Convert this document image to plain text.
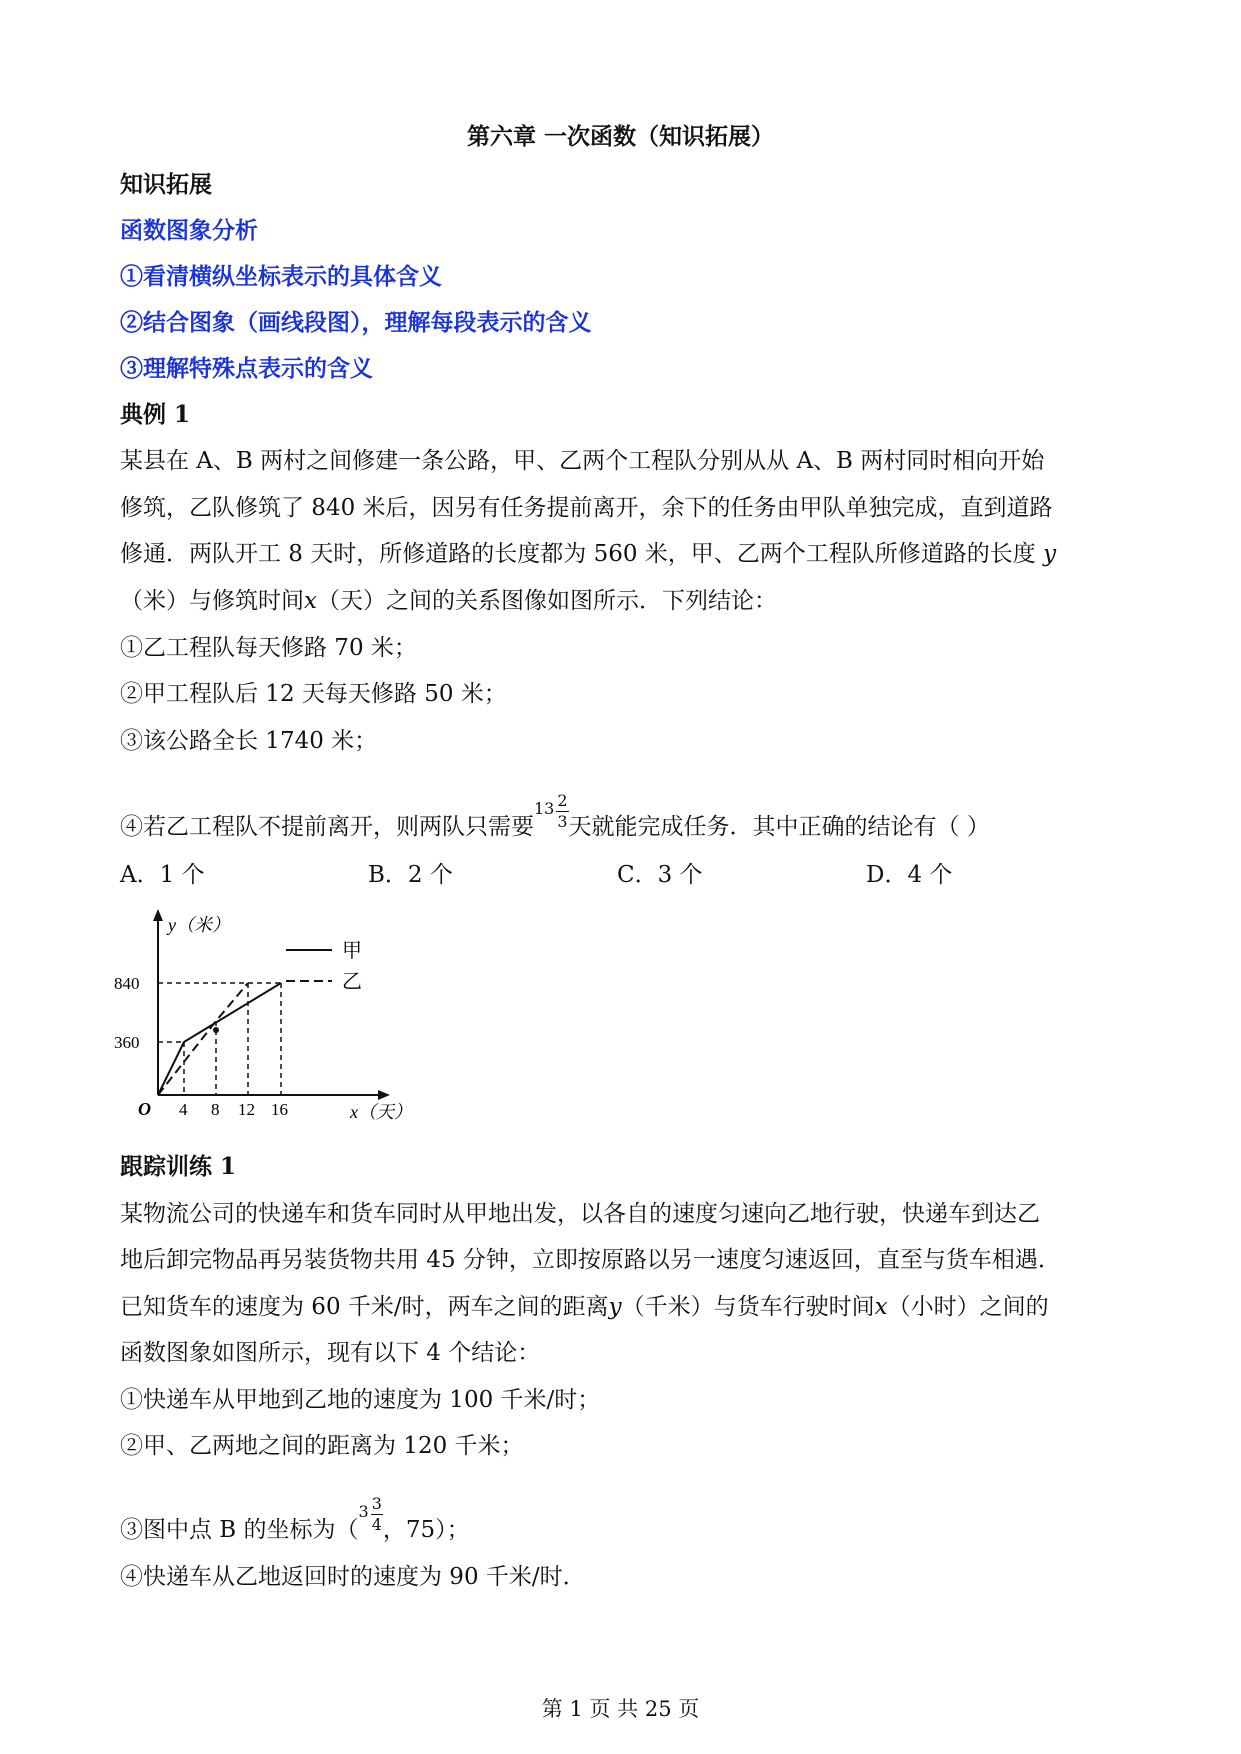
第六章 一次函数（知识拓展）
知识拓展
函数图象分析
①看清横纵坐标表示的具体含义
②结合图象（画线段图），理解每段表示的含义
③理解特殊点表示的含义
典例 1
某县在 A、B 两村之间修建一条公路，甲、乙两个工程队分别从从 A、B 两村同时相向开始
修筑，乙队修筑了 840 米后，因另有任务提前离开，余下的任务由甲队单独完成，直到道路
修通．两队开工 8 天时，所修道路的长度都为 560 米，甲、乙两个工程队所修道路的长度 y
（米）与修筑时间x（天）之间的关系图像如图所示．下列结论：
①乙工程队每天修路 70 米；
②甲工程队后 12 天每天修路 50 米；
③该公路全长 1740 米；
④若乙工程队不提前离开，则两队只需要$13 \frac{2}{3}$ 天就能完成任务．其中正确的结论有（ ）
A．1 个	B．2 个	C．3 个	D．4 个
甲
乙
y（米）
x（天）
O
360
840
4 8 12 16
跟踪训练 1
某物流公司的快递车和货车同时从甲地出发，以各自的速度匀速向乙地行驶，快递车到达乙
地后卸完物品再另装货物共用 45 分钟，立即按原路以另一速度匀速返回，直至与货车相遇．
已知货车的速度为 60 千米/时，两车之间的距离y（千米）与货车行驶时间x（小时）之间的
函数图象如图所示，现有以下 4 个结论：
①快递车从甲地到乙地的速度为 100 千米/时；
②甲、乙两地之间的距离为 120 千米；
③图中点 B 的坐标为（$3 \frac{3}{4}$ ，75）；
④快递车从乙地返回时的速度为 90 千米/时．
第 1 页 共 25 页
